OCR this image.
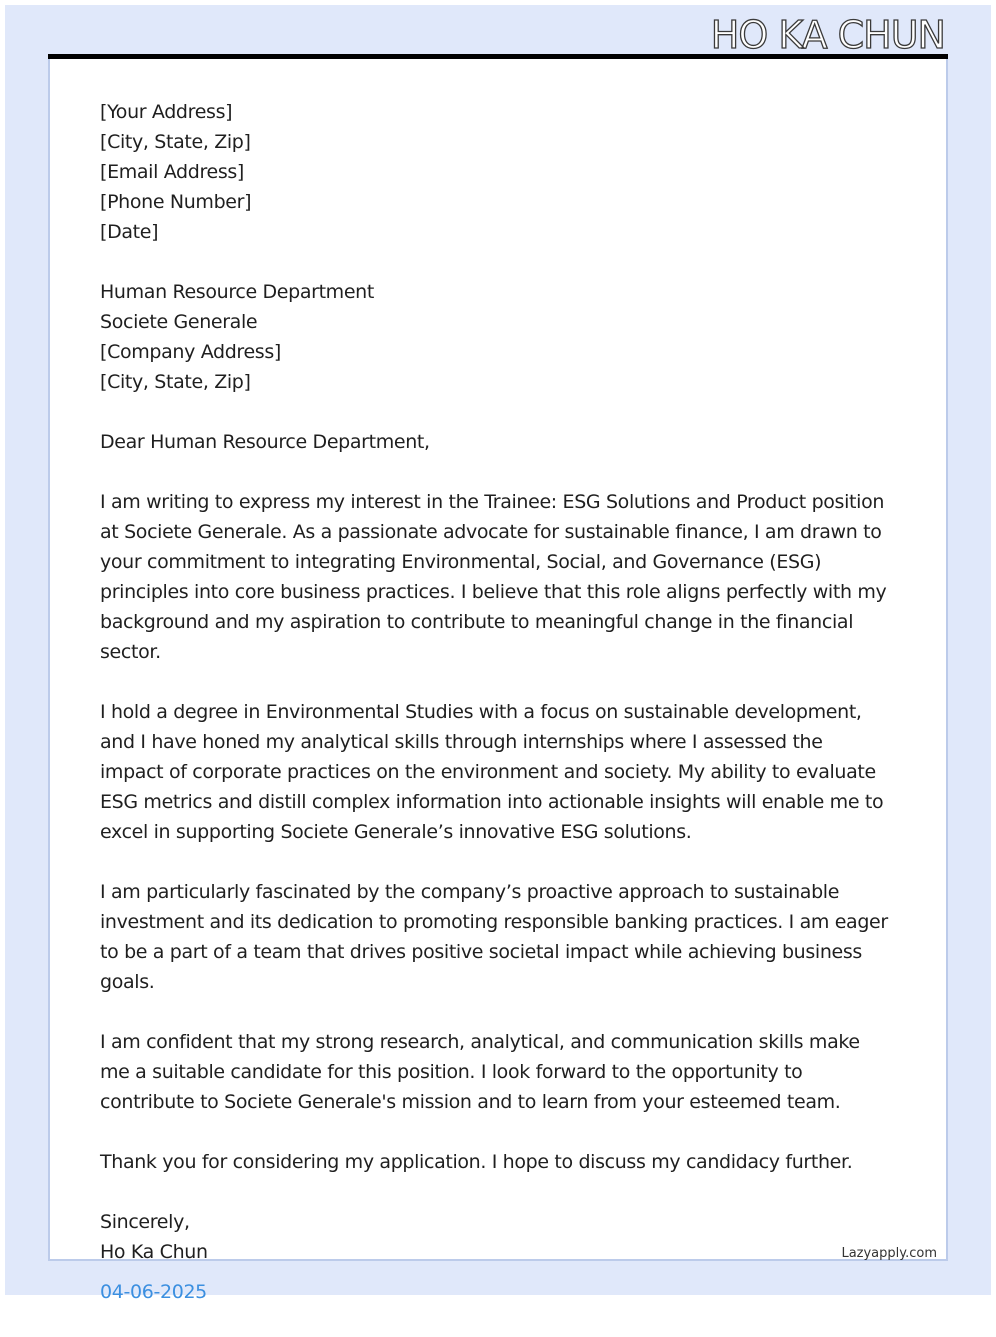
HO KA CHUN

[Your Address]
[City, State, Zip]
[Email Address]
[Phone Number]
[Date]

Human Resource Department
Societe Generale
[Company Address]
[City, State, Zip]

Dear Human Resource Department,

I am writing to express my interest in the Trainee: ESG Solutions and Product position at Societe Generale. As a passionate advocate for sustainable finance, I am drawn to your commitment to integrating Environmental, Social, and Governance (ESG) principles into core business practices. I believe that this role aligns perfectly with my background and my aspiration to contribute to meaningful change in the financial sector.

I hold a degree in Environmental Studies with a focus on sustainable development, and I have honed my analytical skills through internships where I assessed the impact of corporate practices on the environment and society. My ability to evaluate ESG metrics and distill complex information into actionable insights will enable me to excel in supporting Societe Generale’s innovative ESG solutions.

I am particularly fascinated by the company’s proactive approach to sustainable investment and its dedication to promoting responsible banking practices. I am eager to be a part of a team that drives positive societal impact while achieving business goals.

I am confident that my strong research, analytical, and communication skills make me a suitable candidate for this position. I look forward to the opportunity to contribute to Societe Generale's mission and to learn from your esteemed team.

Thank you for considering my application. I hope to discuss my candidacy further.

Sincerely,
Ho Ka Chun

04-06-2025

Lazyapply.com
